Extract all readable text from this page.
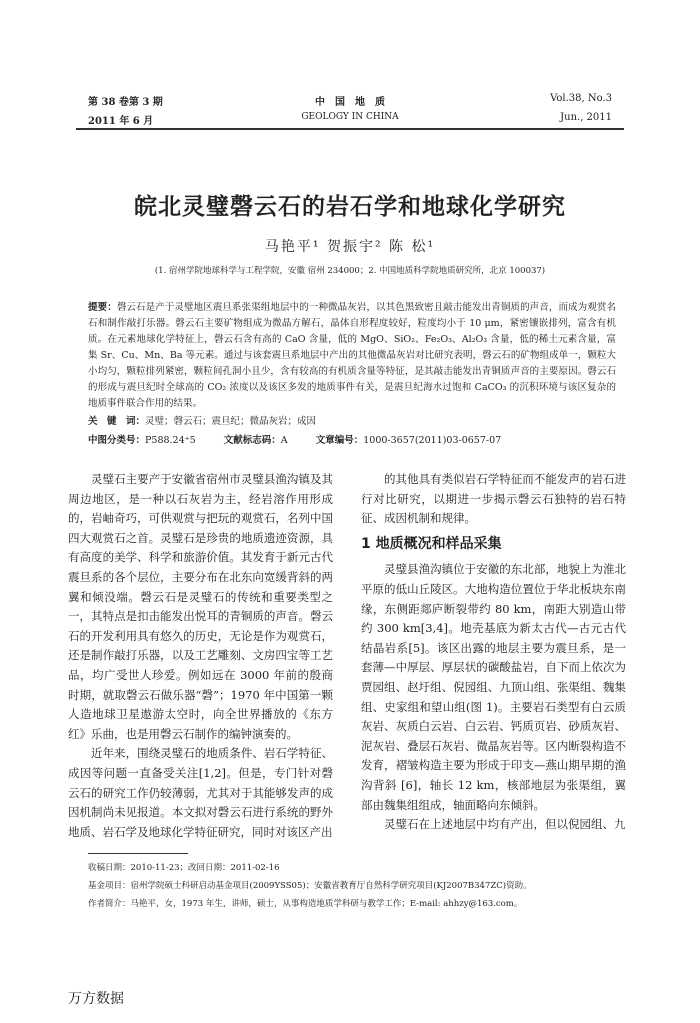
第 38 卷第 3 期
2011 年 6 月
中　国　地　质
GEOLOGY IN CHINA
Vol.38, No.3
Jun., 2011
皖北灵璧磬云石的岩石学和地球化学研究
马艳平¹ 贺振宇² 陈 松¹
(1. 宿州学院地球科学与工程学院，安徽 宿州 234000；2. 中国地质科学院地质研究所，北京 100037)
提要：磬云石是产于灵璧地区震旦系张渠组地层中的一种微晶灰岩，以其色黑致密且敲击能发出青铜质的声音，而成为观赏名石和制作敲打乐器。磬云石主要矿物组成为微晶方解石，晶体自形程度较好，粒度均小于 10 μm，紧密镶嵌排列，富含有机质。在元素地球化学特征上，磬云石含有高的 CaO 含量，低的 MgO、SiO₂、Fe₂O₃、Al₂O₃ 含量，低的稀土元素含量，富集 Sr、Cu、Mn、Ba 等元素。通过与该套震旦系地层中产出的其他微晶灰岩对比研究表明，磬云石的矿物组成单一，颗粒大小均匀，颗粒排列紧密，颗粒间孔洞小且少，含有较高的有机质含量等特征，是其敲击能发出青铜质声音的主要原因。磬云石的形成与震旦纪时全球高的 CO₂ 浓度以及该区多发的地质事件有关，是震旦纪海水过饱和 CaCO₃ 的沉积环境与该区复杂的地质事件联合作用的结果。
关　键　词：灵璧；磬云石；震旦纪；微晶灰岩；成因
中图分类号：P588.24⁺5	文献标志码：A	文章编号：1000-3657(2011)03-0657-07

灵璧石主要产于安徽省宿州市灵璧县渔沟镇及其周边地区，是一种以石灰岩为主，经岩溶作用形成的，岩岫奇巧，可供观赏与把玩的观赏石，名列中国四大观赏石之首。灵璧石是珍贵的地质遗迹资源，具有高度的美学、科学和旅游价值。其发育于新元古代震旦系的各个层位，主要分布在北东向宽缓背斜的两翼和倾没端。磬云石是灵璧石的传统和重要类型之一，其特点是扣击能发出悦耳的青铜质的声音。磬云石的开发利用具有悠久的历史，无论是作为观赏石，还是制作敲打乐器，以及工艺雕刻、文房四宝等工艺品，均广受世人珍爱。例如远在 3000 年前的殷商时期，就取磬云石做乐器“磬”；1970 年中国第一颗人造地球卫星遨游太空时，向全世界播放的《东方红》乐曲，也是用磬云石制作的编钟演奏的。

近年来，围绕灵璧石的地质条件、岩石学特征、成因等问题一直备受关注[1,2]。但是，专门针对磬云石的研究工作仍较薄弱，尤其对于其能够发声的成因机制尚未见报道。本文拟对磬云石进行系统的野外地质、岩石学及地球化学特征研究，同时对该区产出

的其他具有类似岩石学特征而不能发声的岩石进行对比研究，以期进一步揭示磬云石独特的岩石特征、成因机制和规律。

1 地质概况和样品采集

灵璧县渔沟镇位于安徽的东北部，地貌上为淮北平原的低山丘陵区。大地构造位置位于华北板块东南缘，东侧距郯庐断裂带约 80 km，南距大别造山带约 300 km[3,4]。地壳基底为新太古代—古元古代结晶岩系[5]。该区出露的地层主要为震旦系，是一套薄—中厚层、厚层状的碳酸盐岩，自下而上依次为贾园组、赵圩组、倪园组、九顶山组、张渠组、魏集组、史家组和望山组(图 1)。主要岩石类型有白云质灰岩、灰质白云岩、白云岩、钙质页岩、砂质灰岩、泥灰岩、叠层石灰岩、微晶灰岩等。区内断裂构造不发育，褶皱构造主要为形成于印支—燕山期早期的渔沟背斜 [6]，轴长 12 km，核部地层为张渠组，翼部由魏集组组成，轴面略向东倾斜。

灵璧石在上述地层中均有产出，但以倪园组、九

收稿日期：2010-11-23；改回日期：2011-02-16
基金项目：宿州学院硕士科研启动基金项目(2009YSS05)；安徽省教育厅自然科学研究项目(KJ2007B347ZC)资助。
作者简介：马艳平，女，1973 年生，讲师，硕士，从事构造地质学科研与教学工作；E-mail: ahhzy@163.com。
万方数据
